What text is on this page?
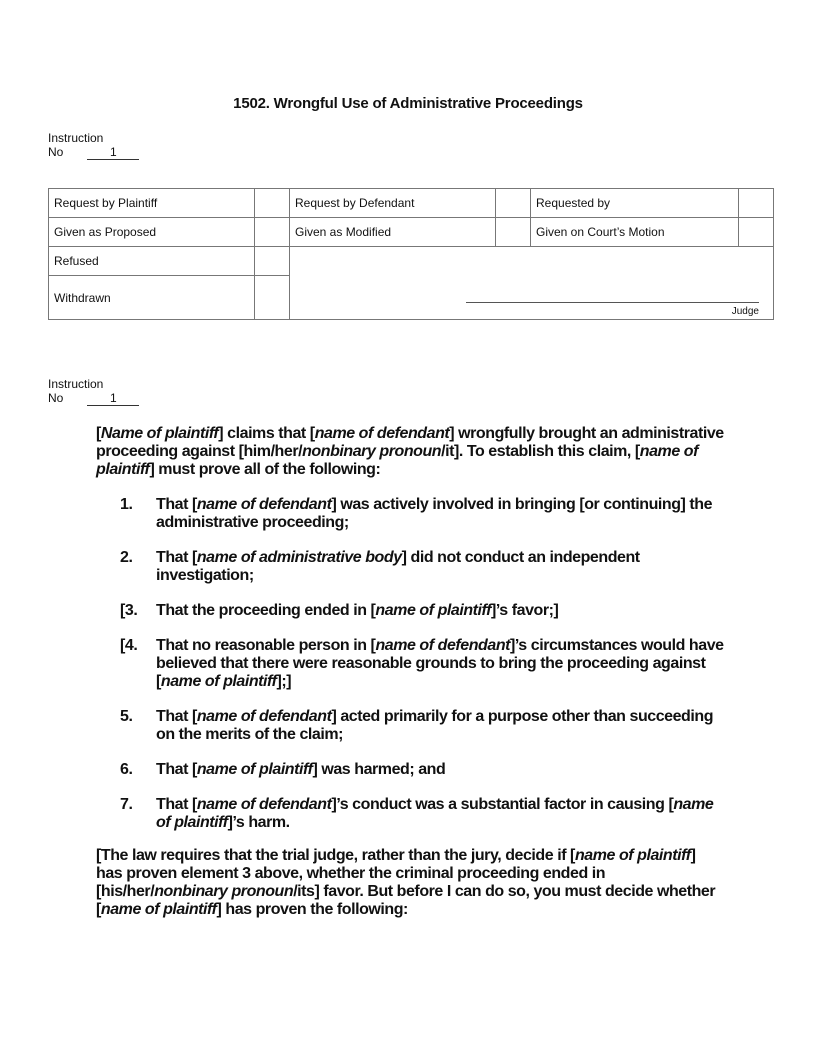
1502. Wrongful Use of Administrative Proceedings
Instruction
No	1
Request by Plaintiff		Request by Defendant		Requested by	
Given as Proposed		Given as Modified		Given on Court’s Motion	
Refused		Judge			

Withdrawn					
Instruction
No	1

[Name of plaintiff] claims that [name of defendant] wrongfully brought an administrative proceeding against [him/her/nonbinary pronoun/it]. To establish this claim, [name of plaintiff] must prove all of the following:

1.	That [name of defendant] was actively involved in bringing [or continuing] the administrative proceeding;
2.	That [name of administrative body] did not conduct an independent investigation;
[3.	That the proceeding ended in [name of plaintiff]’s favor;]
[4.	That no reasonable person in [name of defendant]’s circumstances would have believed that there were reasonable grounds to bring the proceeding against [name of plaintiff];]
5.	That [name of defendant] acted primarily for a purpose other than succeeding on the merits of the claim;
6.	That [name of plaintiff] was harmed; and
7.	That [name of defendant]’s conduct was a substantial factor in causing [name of plaintiff]’s harm.

[The law requires that the trial judge, rather than the jury, decide if [name of plaintiff] has proven element 3 above, whether the criminal proceeding ended in [his/her/nonbinary pronoun/its] favor. But before I can do so, you must decide whether [name of plaintiff] has proven the following:
